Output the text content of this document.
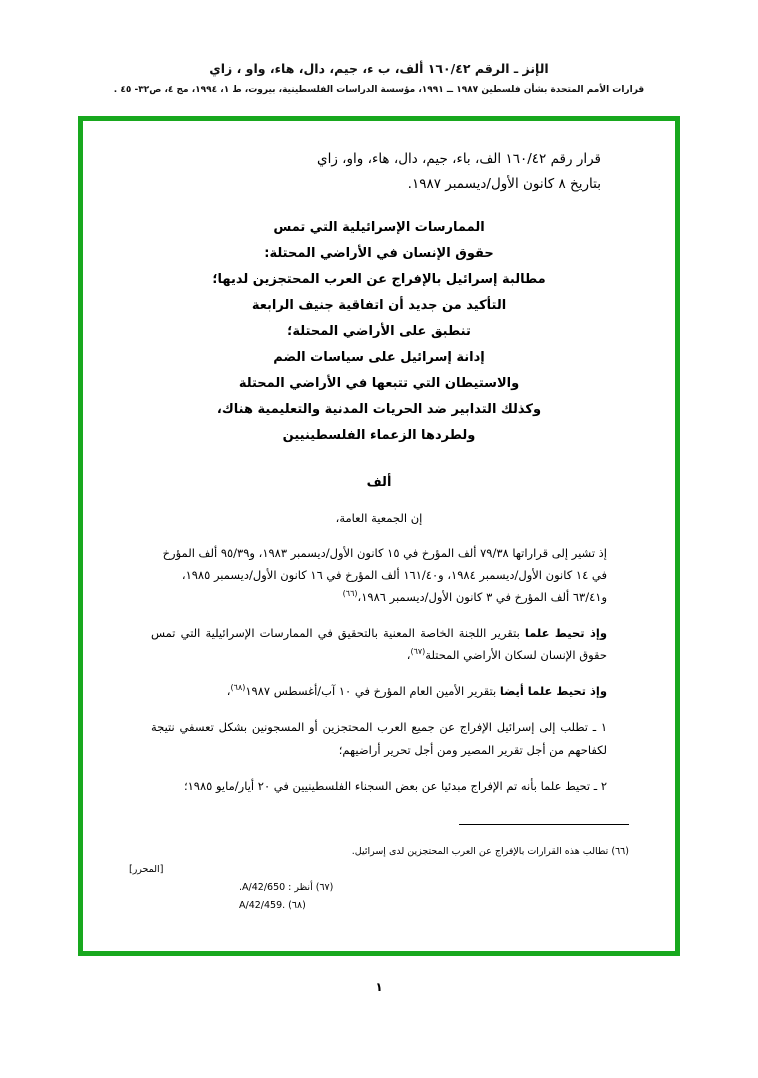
الإنز ـ الرقم ١٦٠/٤٢ ألف، ب ء، جيم، دال، هاء، واو ، زاي
قرارات الأمم المتحدة بشأن فلسطين ١٩٨٧ ــ ١٩٩١، مؤسسة الدراسات الفلسطينية، بيروت، ط ١، ١٩٩٤، مج ٤، ص٣٢- ٤٥ .
قرار رقم ١٦٠/٤٢ الف، باء، جيم، دال، هاء، واو، زاي
بتاريخ ٨ كانون الأول/ديسمبر ١٩٨٧.
الممارسات الإسرائيلية التي تمس
حقوق الإنسان في الأراضي المحتلة:
مطالبة إسرائيل بالإفراج عن العرب المحتجزين لديها؛
التأكيد من جديد أن اتفاقية جنيف الرابعة
تنطبق على الأراضي المحتلة؛
إدانة إسرائيل على سياسات الضم
والاستيطان التي تتبعها في الأراضي المحتلة
وكذلك التدابير ضد الحريات المدنية والتعليمية هناك،
ولطردها الزعماء الفلسطينيين
ألف
إن الجمعية العامة،

إذ تشير إلى قراراتها ٧٩/٣٨ ألف المؤرخ في ١٥ كانون الأول/ديسمبر ١٩٨٣، و٩٥/٣٩ ألف المؤرخ في ١٤ كانون الأول/ديسمبر ١٩٨٤، و١٦١/٤٠ ألف المؤرخ في ١٦ كانون الأول/ديسمبر ١٩٨٥، و٦٣/٤١ ألف المؤرخ في ٣ كانون الأول/ديسمبر ١٩٨٦،$^{(٦٦)}$

وإذ تحيط علما بتقرير اللجنة الخاصة المعنية بالتحقيق في الممارسات الإسرائيلية التي تمس حقوق الإنسان لسكان الأراضي المحتلة$^{(٦٧)}$،

وإذ تحيط علما أيضا بتقرير الأمين العام المؤرخ في ١٠ آب/أغسطس ١٩٨٧$^{(٦٨)}$،

١ ـ تطلب إلى إسرائيل الإفراج عن جميع العرب المحتجزين أو المسجونين بشكل تعسفي نتيجة لكفاحهم من أجل تقرير المصير ومن أجل تحرير أراضيهم؛

٢ ـ تحيط علما بأنه تم الإفراج مبدئيا عن بعض السجناء الفلسطينيين في ٢٠ أيار/مايو ١٩٨٥؛

(٦٦) تطالب هذه القرارات بالإفراج عن العرب المحتجزين لدى إسرائيل.
[المحرر]
(٦٧) أنظر : A/42/650.
(٦٨) .A/42/459
١
